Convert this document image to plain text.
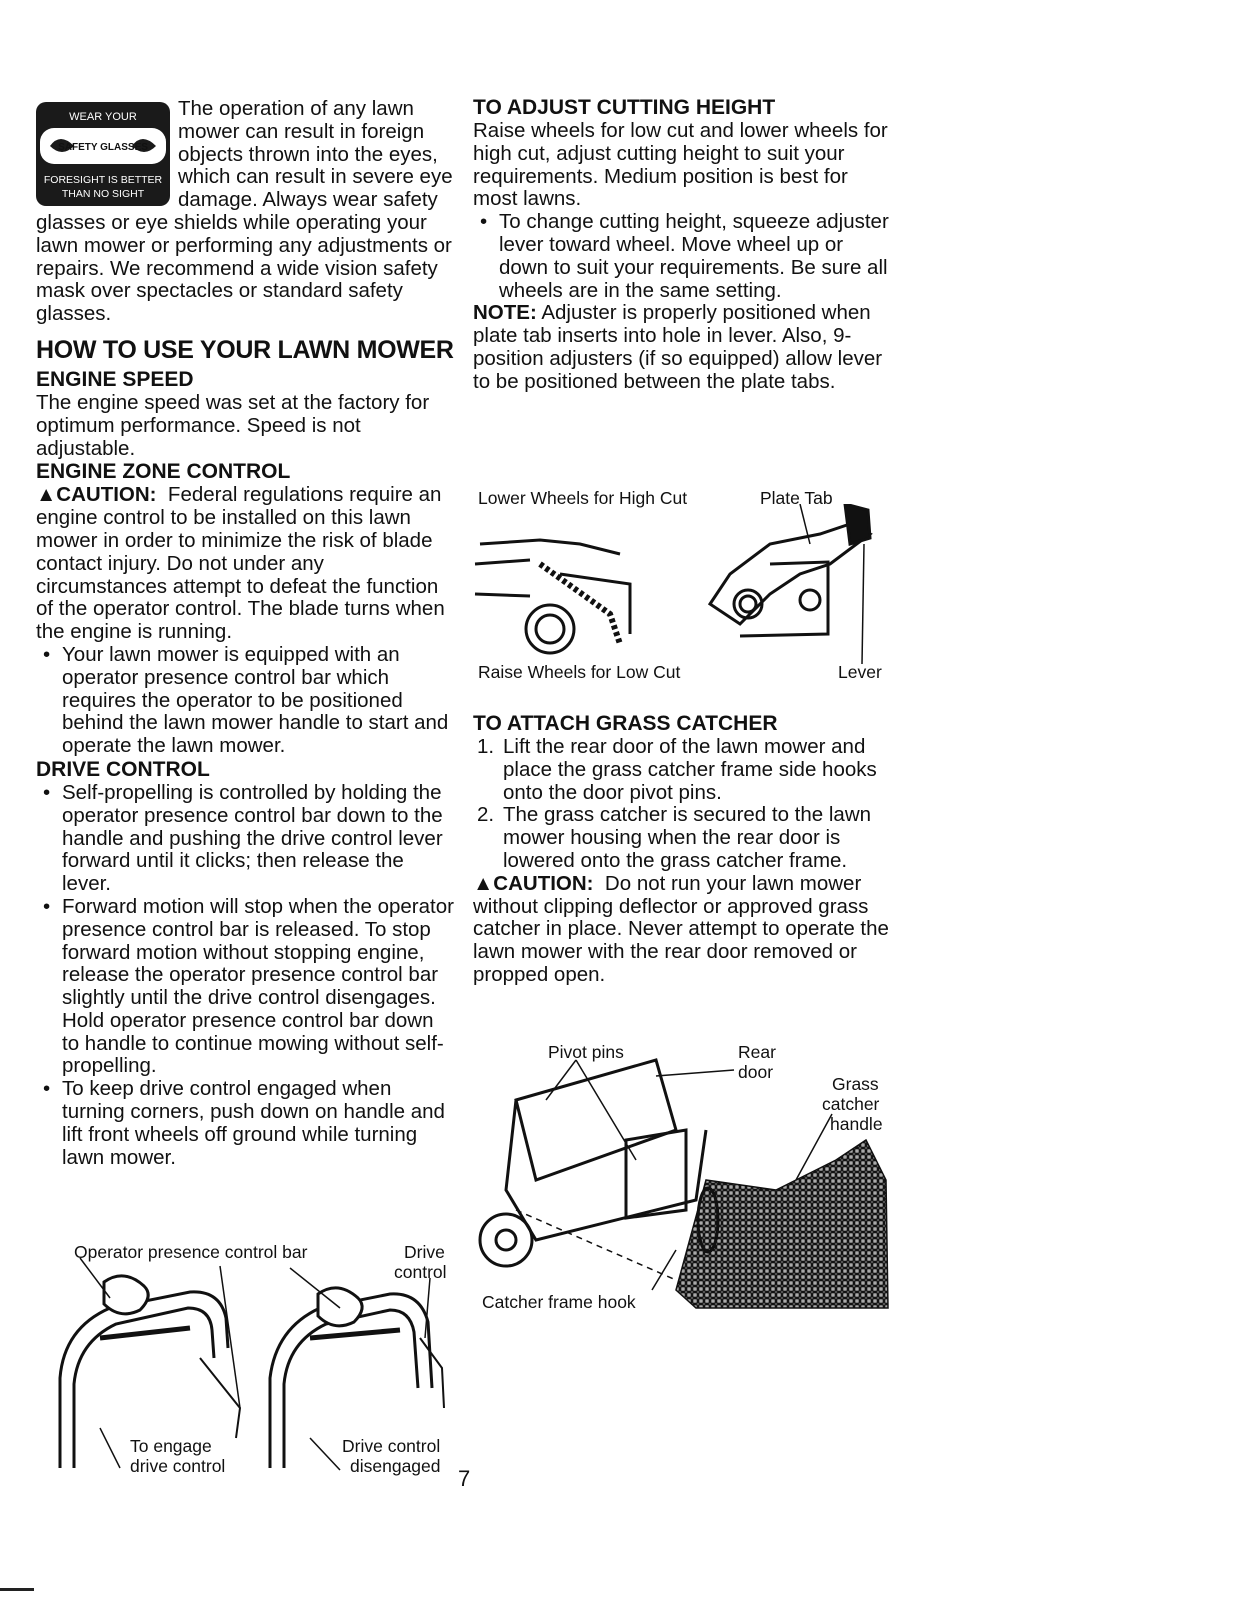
WEAR YOUR
SAFETY GLASSES
FORESIGHT IS BETTER
THAN NO SIGHT

The operation of any lawn mower can result in foreign objects thrown into the eyes, which can result in severe eye damage. Always wear safety glasses or eye shields while operating your lawn mower or performing any adjustments or repairs. We recommend a wide vision safety mask over spectacles or standard safety glasses.

HOW TO USE YOUR LAWN MOWER
ENGINE SPEED

The engine speed was set at the factory for optimum performance. Speed is not adjustable.

ENGINE ZONE CONTROL

▲CAUTION: Federal regulations require an engine control to be installed on this lawn mower in order to minimize the risk of blade contact injury. Do not under any circumstances attempt to defeat the function of the operator control. The blade turns when the engine is running.

• Your lawn mower is equipped with an operator presence control bar which requires the operator to be positioned behind the lawn mower handle to start and operate the lawn mower.

DRIVE CONTROL

• Self-propelling is controlled by holding the operator presence control bar down to the handle and pushing the drive control lever forward until it clicks; then release the lever.

• Forward motion will stop when the operator presence control bar is released. To stop forward motion without stopping engine, release the operator presence control bar slightly until the drive control disengages. Hold operator presence control bar down to handle to continue mowing without self-propelling.

• To keep drive control engaged when turning corners, push down on handle and lift front wheels off ground while turning lawn mower.

Operator presence control bar	Drive
control
To engage
drive control
Drive control
disengaged
TO ADJUST CUTTING HEIGHT

Raise wheels for low cut and lower wheels for high cut, adjust cutting height to suit your requirements. Medium position is best for most lawns.

• To change cutting height, squeeze adjuster lever toward wheel. Move wheel up or down to suit your requirements. Be sure all wheels are in the same setting.

NOTE: Adjuster is properly positioned when plate tab inserts into hole in lever. Also, 9-position adjusters (if so equipped) allow lever to be positioned between the plate tabs.

Lower Wheels for High Cut	Plate Tab
Raise Wheels for Low Cut	Lever
TO ATTACH GRASS CATCHER

1. Lift the rear door of the lawn mower and place the grass catcher frame side hooks onto the door pivot pins.

2. The grass catcher is secured to the lawn mower housing when the rear door is lowered onto the grass catcher frame.

▲CAUTION: Do not run your lawn mower without clipping deflector or approved grass catcher in place. Never attempt to operate the lawn mower with the rear door removed or propped open.

Pivot pins	Rear
door
Grass
catcher
handle
Catcher frame hook
7
